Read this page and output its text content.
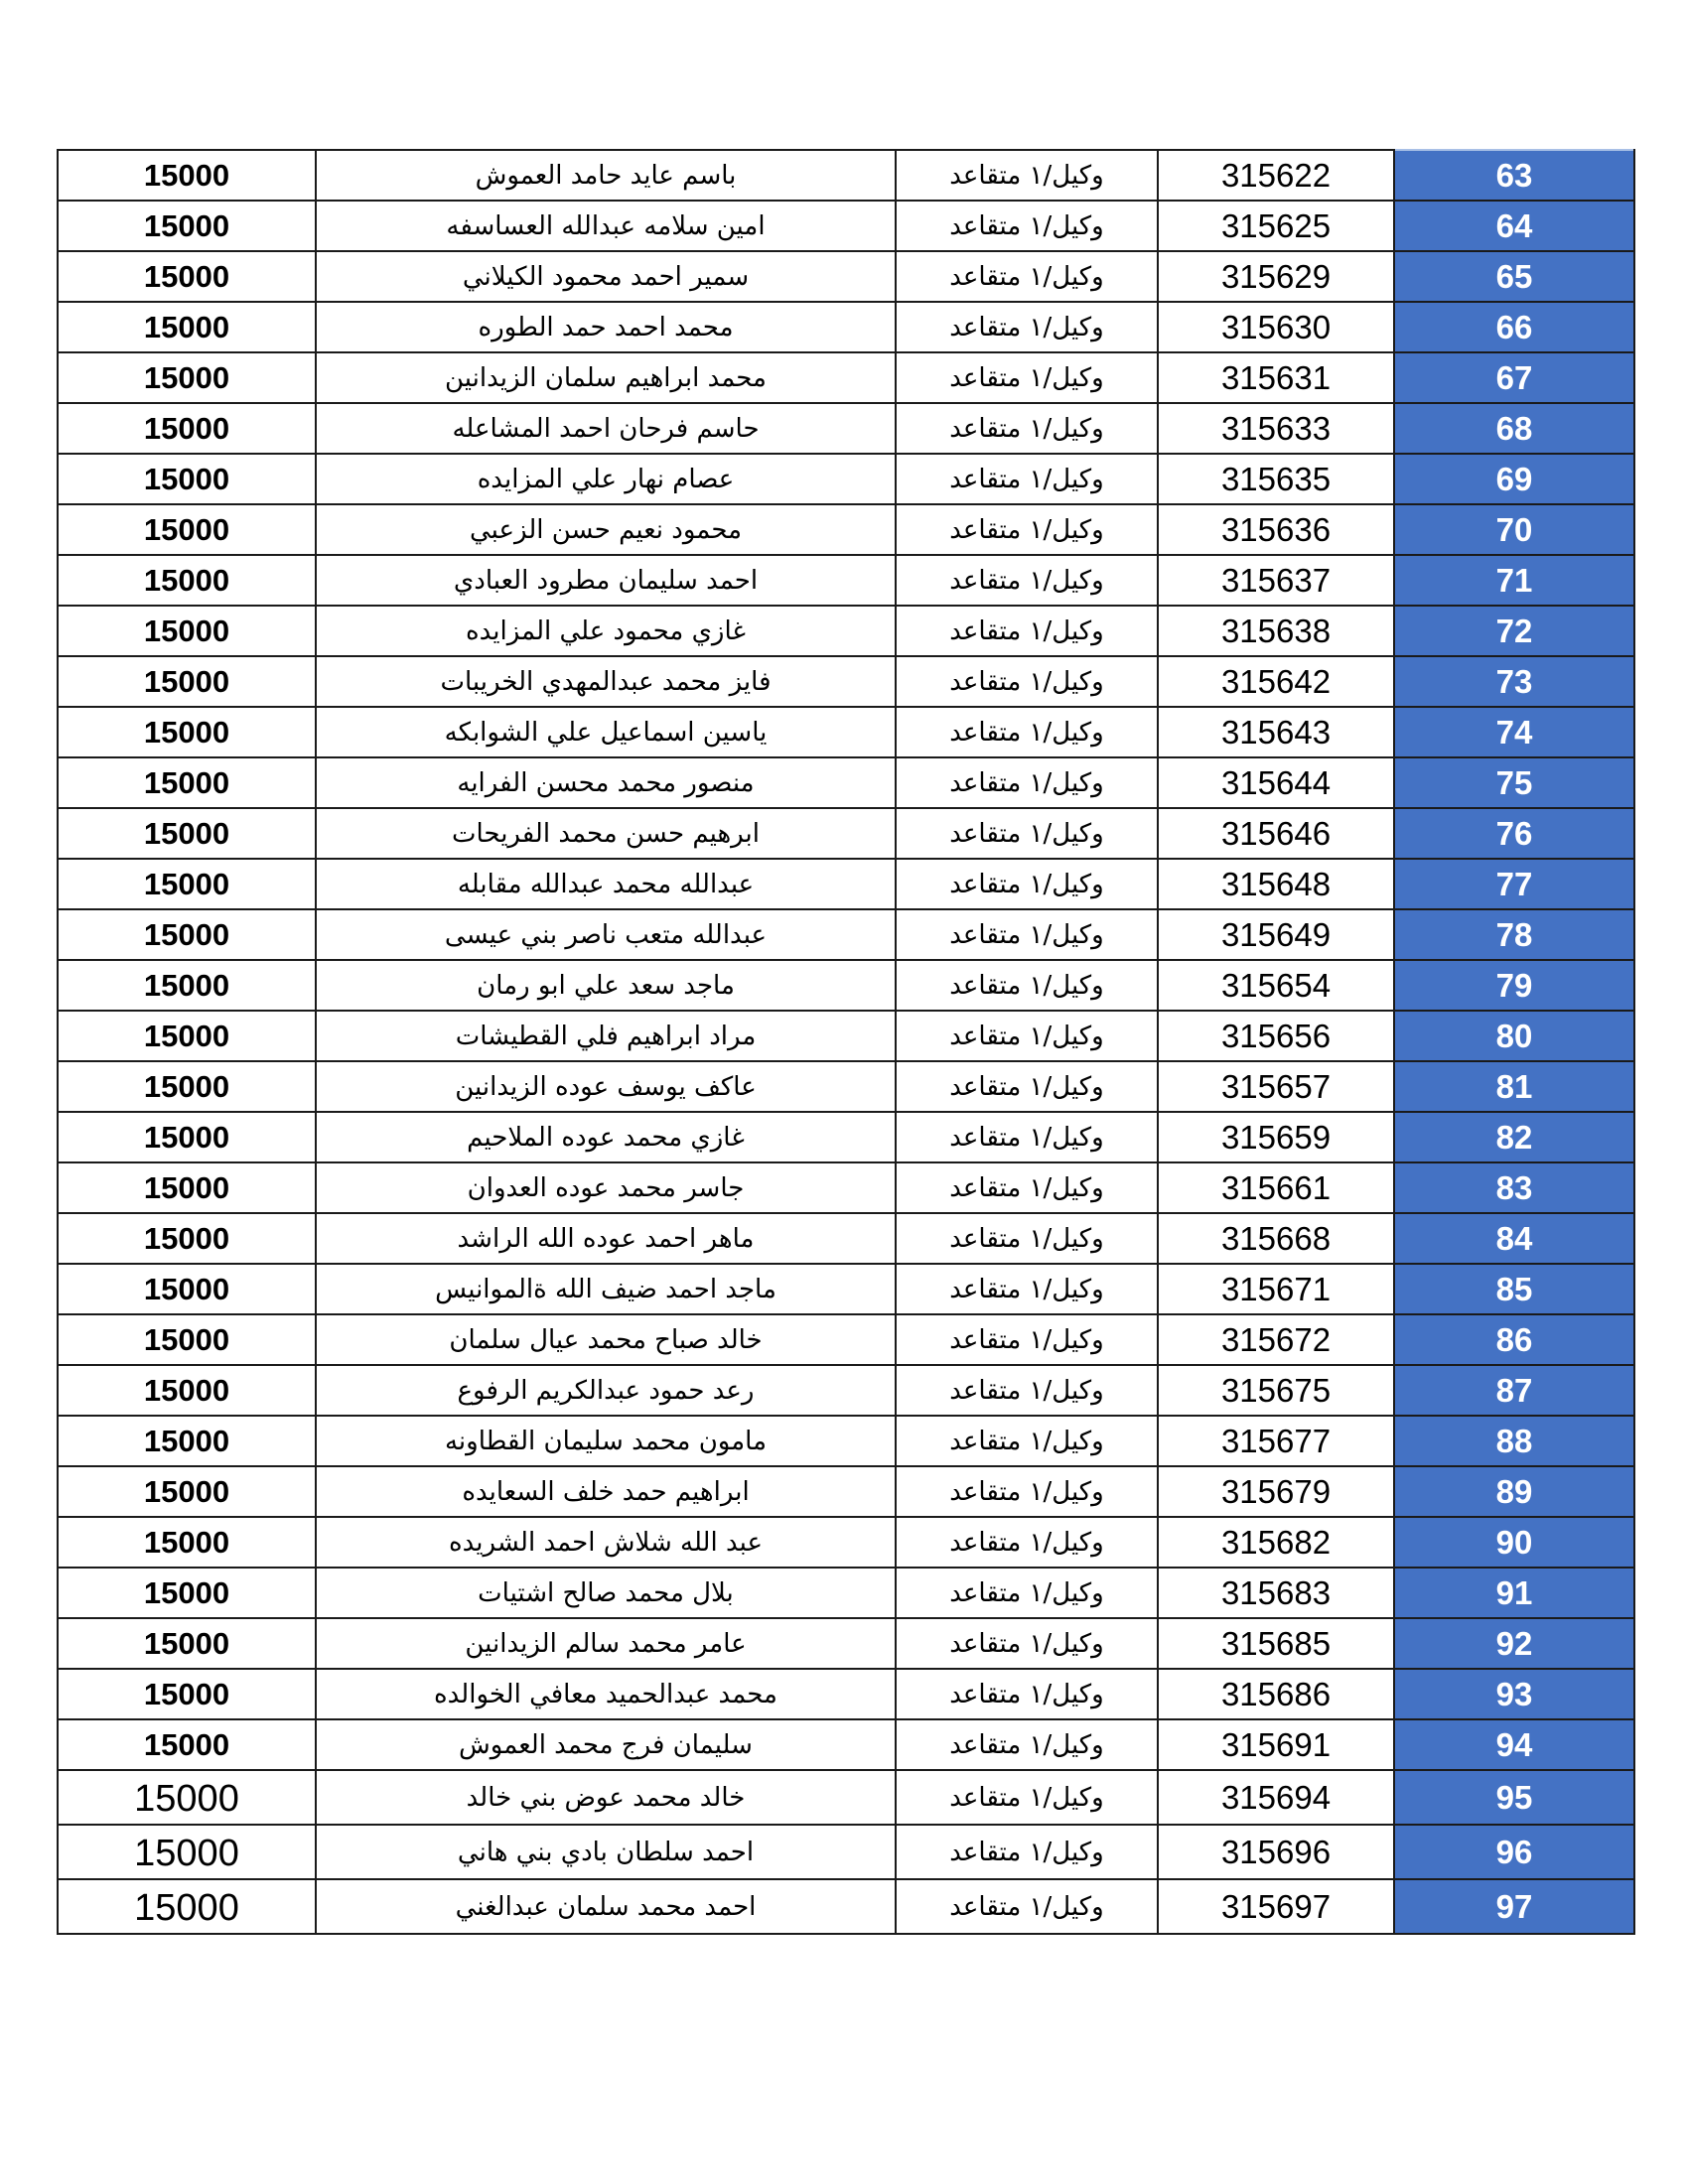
15000	باسم عايد حامد العموش	وكيل/١ متقاعد	315622	63
15000	امين سلامه عبدالله العساسفه	وكيل/١ متقاعد	315625	64
15000	سمير احمد محمود الكيلاني	وكيل/١ متقاعد	315629	65
15000	محمد احمد حمد الطوره	وكيل/١ متقاعد	315630	66
15000	محمد ابراهيم سلمان الزيدانين	وكيل/١ متقاعد	315631	67
15000	حاسم فرحان احمد المشاعله	وكيل/١ متقاعد	315633	68
15000	عصام نهار علي المزايده	وكيل/١ متقاعد	315635	69
15000	محمود نعيم حسن الزعبي	وكيل/١ متقاعد	315636	70
15000	احمد سليمان مطرود العبادي	وكيل/١ متقاعد	315637	71
15000	غازي محمود علي المزايده	وكيل/١ متقاعد	315638	72
15000	فايز محمد عبدالمهدي الخريبات	وكيل/١ متقاعد	315642	73
15000	ياسين اسماعيل علي الشوابكه	وكيل/١ متقاعد	315643	74
15000	منصور محمد محسن الفرايه	وكيل/١ متقاعد	315644	75
15000	ابرهيم حسن محمد الفريحات	وكيل/١ متقاعد	315646	76
15000	عبدالله محمد عبدالله مقابله	وكيل/١ متقاعد	315648	77
15000	عبدالله متعب ناصر بني عيسى	وكيل/١ متقاعد	315649	78
15000	ماجد سعد علي ابو رمان	وكيل/١ متقاعد	315654	79
15000	مراد ابراهيم فلي القطيشات	وكيل/١ متقاعد	315656	80
15000	عاكف يوسف عوده الزيدانين	وكيل/١ متقاعد	315657	81
15000	غازي محمد عوده الملاحيم	وكيل/١ متقاعد	315659	82
15000	جاسر محمد عوده العدوان	وكيل/١ متقاعد	315661	83
15000	ماهر احمد عوده الله الراشد	وكيل/١ متقاعد	315668	84
15000	ماجد احمد ضيف الله ةالموانيس	وكيل/١ متقاعد	315671	85
15000	خالد صباح محمد عيال سلمان	وكيل/١ متقاعد	315672	86
15000	رعد حمود عبدالكريم الرفوع	وكيل/١ متقاعد	315675	87
15000	مامون محمد سليمان القطاونه	وكيل/١ متقاعد	315677	88
15000	ابراهيم حمد خلف السعايده	وكيل/١ متقاعد	315679	89
15000	عبد الله شلاش احمد الشريده	وكيل/١ متقاعد	315682	90
15000	بلال محمد صالح اشتيات	وكيل/١ متقاعد	315683	91
15000	عامر محمد سالم الزيدانين	وكيل/١ متقاعد	315685	92
15000	محمد عبدالحميد معافي الخوالده	وكيل/١ متقاعد	315686	93
15000	سليمان فرج محمد العموش	وكيل/١ متقاعد	315691	94
15000	خالد محمد عوض بني خالد	وكيل/١ متقاعد	315694	95
15000	احمد سلطان بادي بني هاني	وكيل/١ متقاعد	315696	96
15000	احمد محمد سلمان عبدالغني	وكيل/١ متقاعد	315697	97
